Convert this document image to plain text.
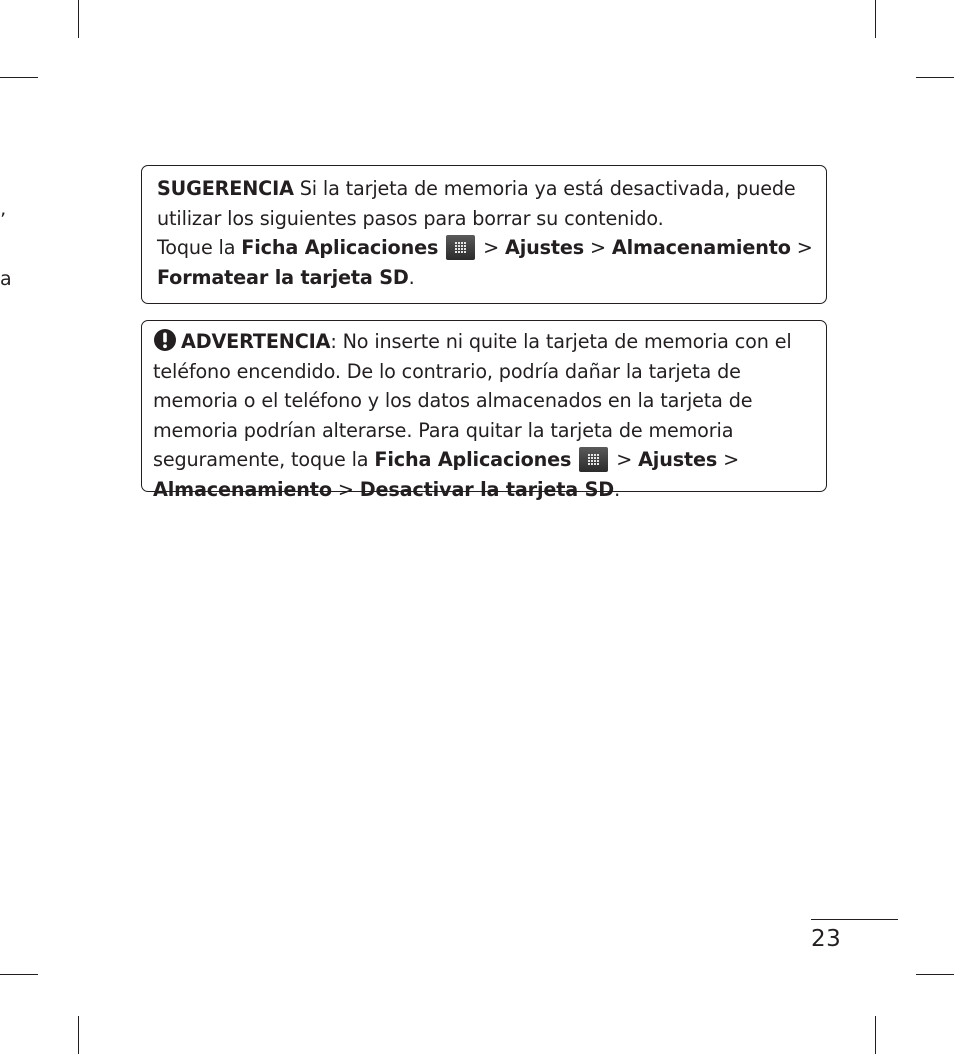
’
a

SUGERENCIA Si la tarjeta de memoria ya está desactivada, puede utilizar los siguientes pasos para borrar su contenido.

Toque la Ficha Aplicaciones
> Ajustes > Almacenamiento > Formatear la tarjeta SD.

ADVERTENCIA: No inserte ni quite la tarjeta de memoria con el teléfono encendido. De lo contrario, podría dañar la tarjeta de memoria o el teléfono y los datos almacenados en la tarjeta de memoria podrían alterarse. Para quitar la tarjeta de memoria seguramente, toque la Ficha Aplicaciones
> Ajustes > Almacenamiento > Desactivar la tarjeta SD.

23
